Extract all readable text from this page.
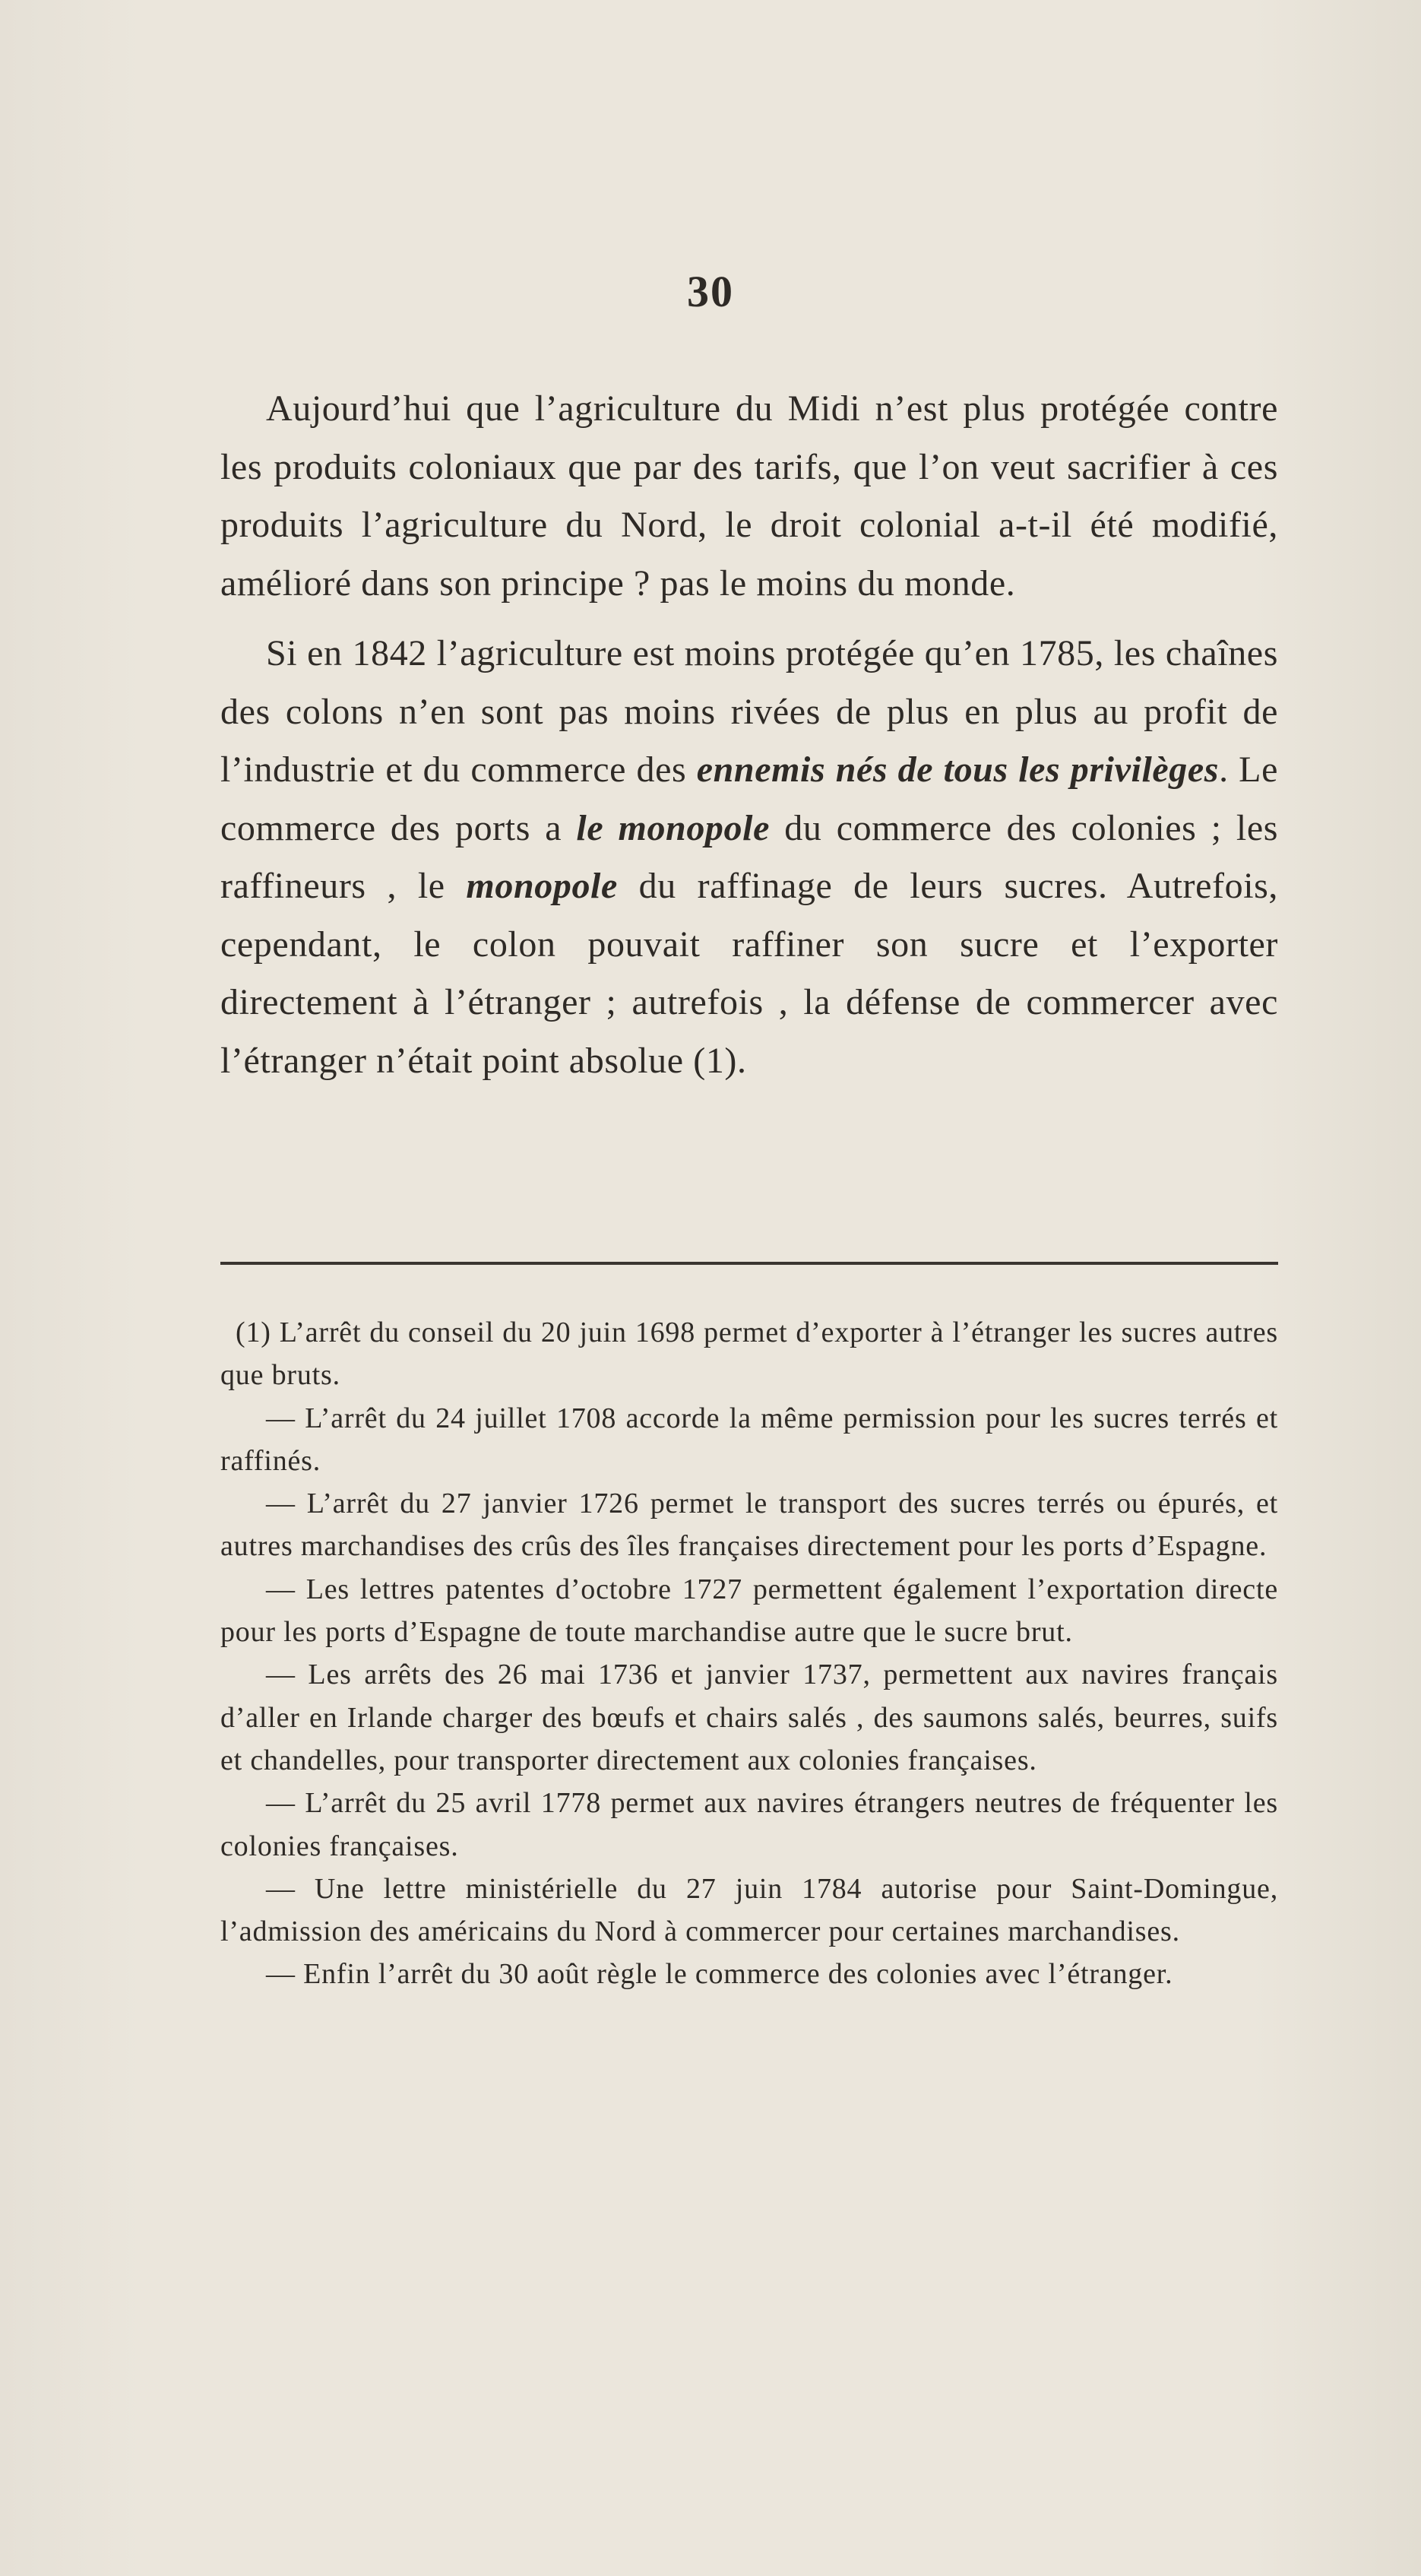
30

Aujourd’hui que l’agriculture du Midi n’est plus protégée contre les produits coloniaux que par des tarifs, que l’on veut sacrifier à ces produits l’agriculture du Nord, le droit colonial a-t-il été modifié, amélioré dans son principe ? pas le moins du monde.

Si en 1842 l’agriculture est moins protégée qu’en 1785, les chaînes des colons n’en sont pas moins rivées de plus en plus au profit de l’industrie et du commerce des ennemis nés de tous les privilèges. Le commerce des ports a le monopole du commerce des colonies ; les raffineurs , le monopole du raffinage de leurs sucres. Autrefois, cependant, le colon pouvait raffiner son sucre et l’exporter directement à l’étranger ; autrefois , la défense de commercer avec l’étranger n’était point absolue (1).

(1) L’arrêt du conseil du 20 juin 1698 permet d’exporter à l’étranger les sucres autres que bruts.

— L’arrêt du 24 juillet 1708 accorde la même permission pour les sucres terrés et raffinés.

— L’arrêt du 27 janvier 1726 permet le transport des sucres terrés ou épurés, et autres marchandises des crûs des îles françaises directement pour les ports d’Espagne.

— Les lettres patentes d’octobre 1727 permettent également l’exportation directe pour les ports d’Espagne de toute marchandise autre que le sucre brut.

— Les arrêts des 26 mai 1736 et janvier 1737, permettent aux navires français d’aller en Irlande charger des bœufs et chairs salés , des saumons salés, beurres, suifs et chandelles, pour transporter directement aux colonies françaises.

— L’arrêt du 25 avril 1778 permet aux navires étrangers neutres de fréquenter les colonies françaises.

— Une lettre ministérielle du 27 juin 1784 autorise pour Saint-Domingue, l’admission des américains du Nord à commercer pour certaines marchandises.

— Enfin l’arrêt du 30 août règle le commerce des colonies avec l’étranger.
